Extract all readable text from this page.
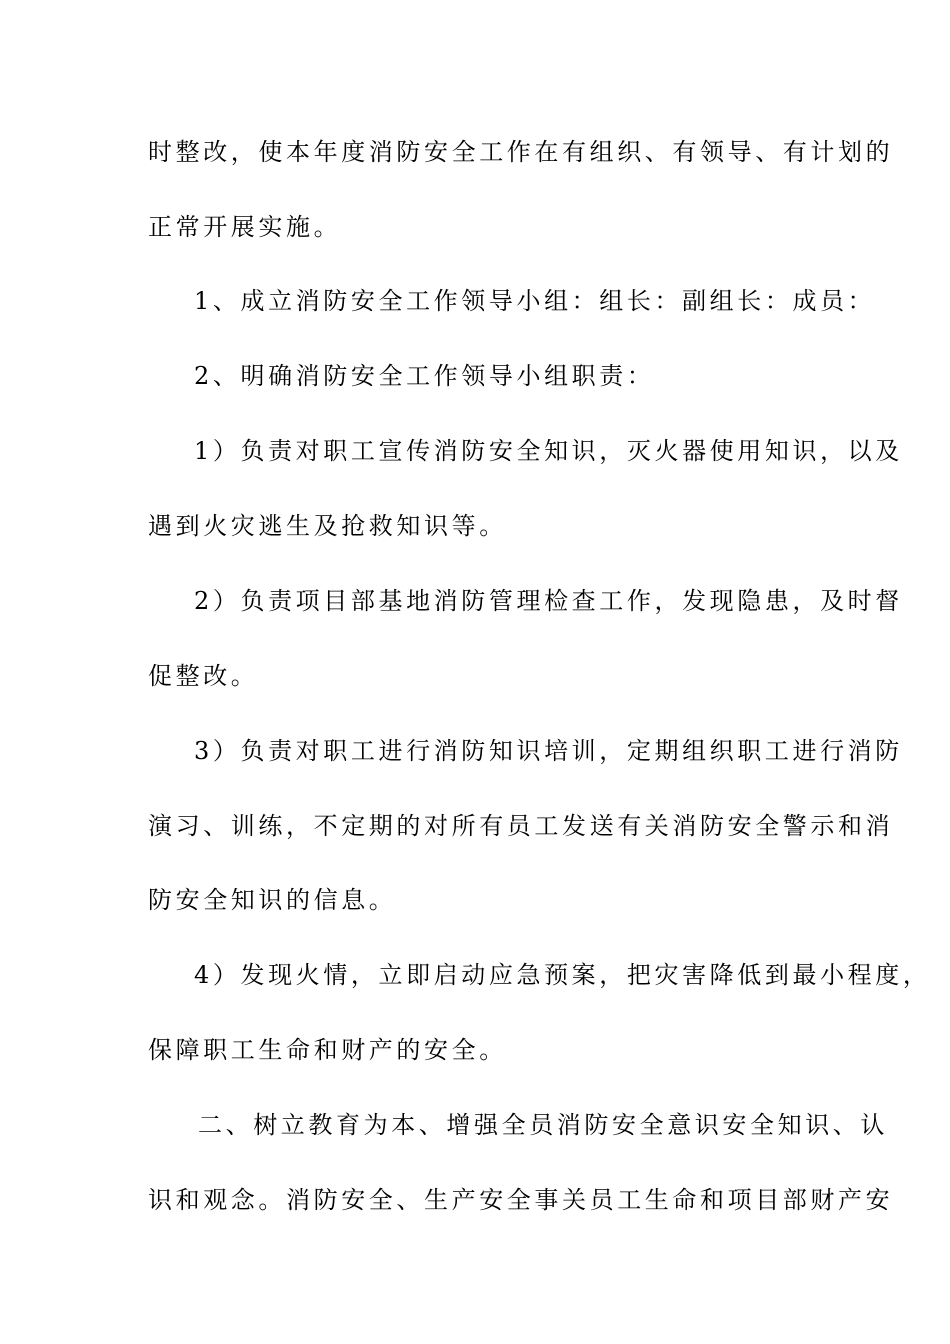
时整改，使本年度消防安全工作在有组织、有领导、有计划的
正常开展实施。
1、成立消防安全工作领导小组：组长：副组长：成员：
2、明确消防安全工作领导小组职责：
1）负责对职工宣传消防安全知识，灭火器使用知识，以及
遇到火灾逃生及抢救知识等。
2）负责项目部基地消防管理检查工作，发现隐患，及时督
促整改。
3）负责对职工进行消防知识培训，定期组织职工进行消防
演习、训练，不定期的对所有员工发送有关消防安全警示和消
防安全知识的信息。
4）发现火情，立即启动应急预案，把灾害降低到最小程度，
保障职工生命和财产的安全。
二、树立教育为本、增强全员消防安全意识安全知识、认
识和观念。消防安全、生产安全事关员工生命和项目部财产安
